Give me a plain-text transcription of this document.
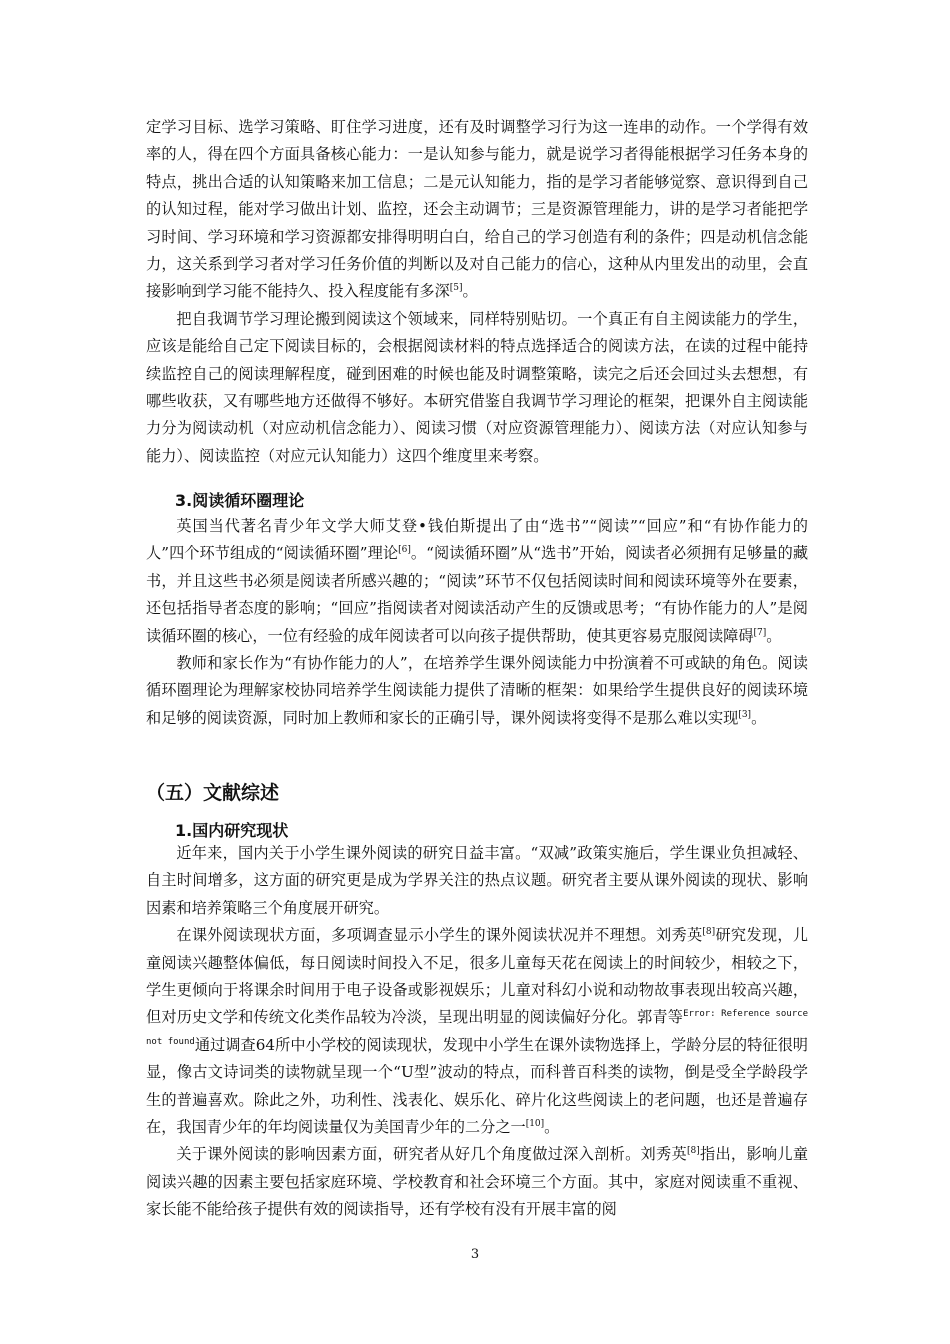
定学习目标、选学习策略、盯住学习进度，还有及时调整学习行为这一连串的动作。一个学得有效率的人，得在四个方面具备核心能力：一是认知参与能力，就是说学习者得能根据学习任务本身的特点，挑出合适的认知策略来加工信息；二是元认知能力，指的是学习者能够觉察、意识得到自己的认知过程，能对学习做出计划、监控，还会主动调节；三是资源管理能力，讲的是学习者能把学习时间、学习环境和学习资源都安排得明明白白，给自己的学习创造有利的条件；四是动机信念能力，这关系到学习者对学习任务价值的判断以及对自己能力的信心，这种从内里发出的动里，会直接影响到学习能不能持久、投入程度能有多深[5]。

把自我调节学习理论搬到阅读这个领域来，同样特别贴切。一个真正有自主阅读能力的学生，应该是能给自己定下阅读目标的，会根据阅读材料的特点选择适合的阅读方法，在读的过程中能持续监控自己的阅读理解程度，碰到困难的时候也能及时调整策略，读完之后还会回过头去想想，有哪些收获，又有哪些地方还做得不够好。本研究借鉴自我调节学习理论的框架，把课外自主阅读能力分为阅读动机（对应动机信念能力）、阅读习惯（对应资源管理能力）、阅读方法（对应认知参与能力）、阅读监控（对应元认知能力）这四个维度里来考察。

3.阅读循环圈理论

英国当代著名青少年文学大师艾登•钱伯斯提出了由“选书”“阅读”“回应”和“有协作能力的人”四个环节组成的“阅读循环圈”理论[6]。“阅读循环圈”从“选书”开始，阅读者必须拥有足够量的藏书，并且这些书必须是阅读者所感兴趣的；“阅读”环节不仅包括阅读时间和阅读环境等外在要素，还包括指导者态度的影响；“回应”指阅读者对阅读活动产生的反馈或思考；“有协作能力的人”是阅读循环圈的核心，一位有经验的成年阅读者可以向孩子提供帮助，使其更容易克服阅读障碍[7]。

教师和家长作为“有协作能力的人”，在培养学生课外阅读能力中扮演着不可或缺的角色。阅读循环圈理论为理解家校协同培养学生阅读能力提供了清晰的框架：如果给学生提供良好的阅读环境和足够的阅读资源，同时加上教师和家长的正确引导，课外阅读将变得不是那么难以实现[3]。

（五）文献综述
1.国内研究现状

近年来，国内关于小学生课外阅读的研究日益丰富。“双减”政策实施后，学生课业负担减轻、自主时间增多，这方面的研究更是成为学界关注的热点议题。研究者主要从课外阅读的现状、影响因素和培养策略三个角度展开研究。

在课外阅读现状方面，多项调查显示小学生的课外阅读状况并不理想。刘秀英[8]研究发现，儿童阅读兴趣整体偏低，每日阅读时间投入不足，很多儿童每天花在阅读上的时间较少，相较之下，学生更倾向于将课余时间用于电子设备或影视娱乐；儿童对科幻小说和动物故事表现出较高兴趣，但对历史文学和传统文化类作品较为冷淡，呈现出明显的阅读偏好分化。郭青等$^{Error: Reference source not found}$通过调查64所中小学校的阅读现状，发现中小学生在课外读物选择上，学龄分层的特征很明显，像古文诗词类的读物就呈现一个“U型”波动的特点，而科普百科类的读物，倒是受全学龄段学生的普遍喜欢。除此之外，功利性、浅表化、娱乐化、碎片化这些阅读上的老问题，也还是普遍存在，我国青少年的年均阅读量仅为美国青少年的二分之一[10]。

关于课外阅读的影响因素方面，研究者从好几个角度做过深入剖析。刘秀英[8]指出，影响儿童阅读兴趣的因素主要包括家庭环境、学校教育和社会环境三个方面。其中，家庭对阅读重不重视、家长能不能给孩子提供有效的阅读指导，还有学校有没有开展丰富的阅

3
